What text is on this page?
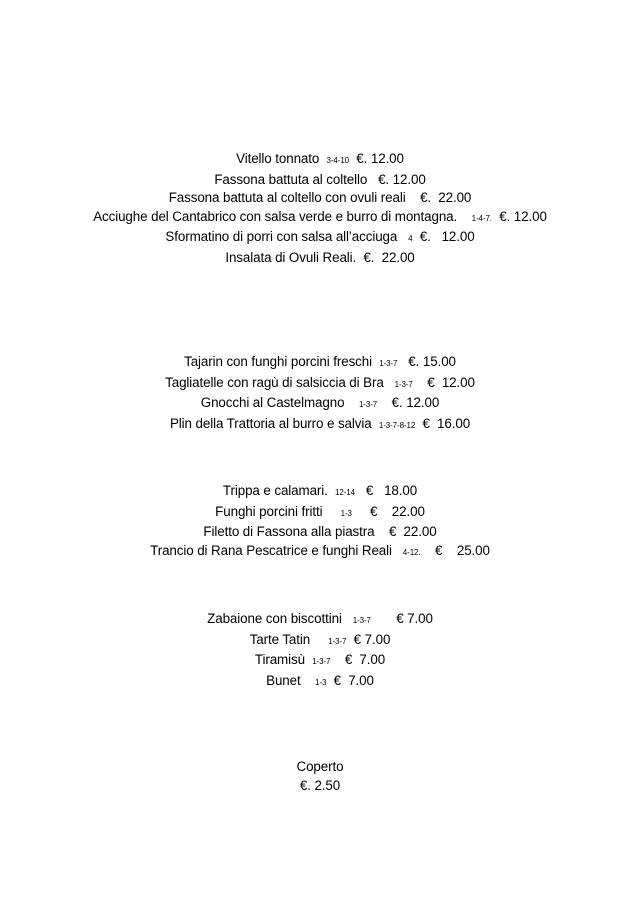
Vitello tonnato 3-4-10 €. 12.00
Fassona battuta al coltello €. 12.00
Fassona battuta al coltello con ovuli reali €.  22.00
Acciughe del Cantabrico con salsa verde e burro di montagna. 1-4-7. €. 12.00
Sformatino di porri con salsa all’acciuga 4 €.   12.00
Insalata di Ovuli Reali. €.  22.00
Tajarin con funghi porcini freschi 1-3-7 €. 15.00
Tagliatelle con ragù di salsiccia di Bra 1-3-7 €  12.00
Gnocchi al Castelmagno 1-3-7 €. 12.00
Plin della Trattoria al burro e salvia 1-3-7-8-12 €  16.00
Trippa e calamari. 12-14 €   18.00
Funghi porcini fritti 1-3 €    22.00
Filetto di Fassona alla piastra €  22.00
Trancio di Rana Pescatrice e funghi Reali 4-12. €    25.00
Zabaione con biscottini 1-3-7 € 7.00
Tarte Tatin 1-3-7 € 7.00
Tiramisù 1-3-7 €  7.00
Bunet 1-3 €  7.00
Coperto
€. 2.50
